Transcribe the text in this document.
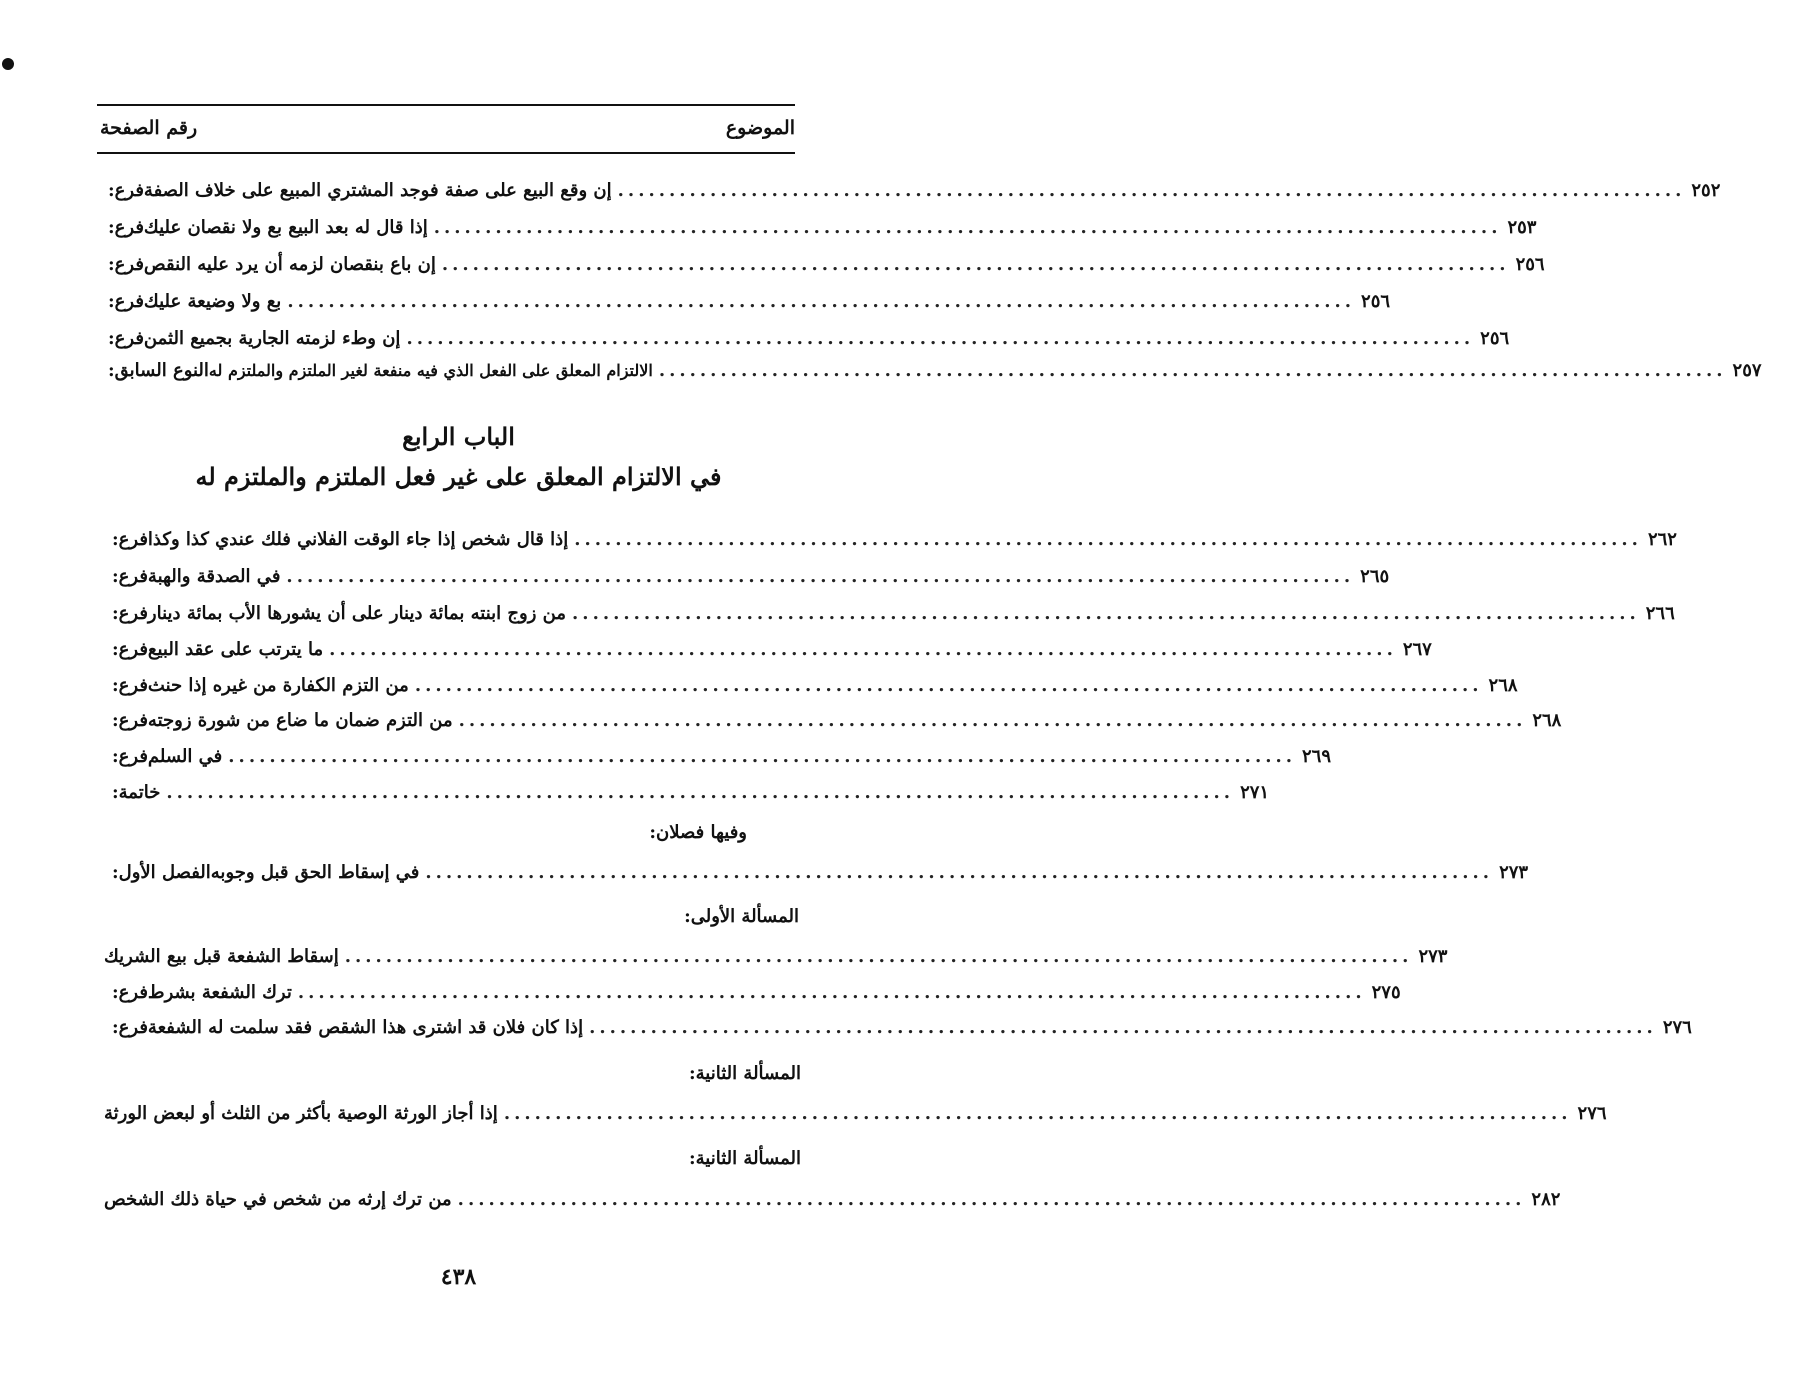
الموضوع
رقم الصفحة
فرع: إن وقع البيع على صفة فوجد المشتري المبيع على خلاف الصفة ........................................................................................................ ٢٥٢
فرع: إذا قال له بعد البيع بع ولا نقصان عليك ........................................................................................................ ٢٥٣
فرع: إن باع بنقصان لزمه أن يرد عليه النقص ........................................................................................................ ٢٥٦
فرع: بع ولا وضيعة عليك ........................................................................................................ ٢٥٦
فرع: إن وطء لزمته الجارية بجميع الثمن ........................................................................................................ ٢٥٦
النوع السابق: الالتزام المعلق على الفعل الذي فيه منفعة لغير الملتزم والملتزم له ........................................................................................................ ٢٥٧
الباب الرابع
في الالتزام المعلق على غير فعل الملتزم والملتزم له
فرع: إذا قال شخص إذا جاء الوقت الفلاني فلك عندي كذا وكذا ........................................................................................................ ٢٦٢
فرع: في الصدقة والهبة ........................................................................................................ ٢٦٥
فرع: من زوج ابنته بمائة دينار على أن يشورها الأب بمائة دينار ........................................................................................................ ٢٦٦
فرع: ما يترتب على عقد البيع ........................................................................................................ ٢٦٧
فرع: من التزم الكفارة من غيره إذا حنث ........................................................................................................ ٢٦٨
فرع: من التزم ضمان ما ضاع من شورة زوجته ........................................................................................................ ٢٦٨
فرع: في السلم ........................................................................................................ ٢٦٩
خاتمة: ........................................................................................................ ٢٧١
وفيها فصلان:
الفصل الأول: في إسقاط الحق قبل وجوبه ........................................................................................................ ٢٧٣
المسألة الأولى:
إسقاط الشفعة قبل بيع الشريك ........................................................................................................ ٢٧٣
فرع: ترك الشفعة بشرط ........................................................................................................ ٢٧٥
فرع: إذا كان فلان قد اشترى هذا الشقص فقد سلمت له الشفعة ........................................................................................................ ٢٧٦
المسألة الثانية:
إذا أجاز الورثة الوصية بأكثر من الثلث أو لبعض الورثة ........................................................................................................ ٢٧٦
المسألة الثانية:
من ترك إرثه من شخص في حياة ذلك الشخص ........................................................................................................ ٢٨٢
٤٣٨
